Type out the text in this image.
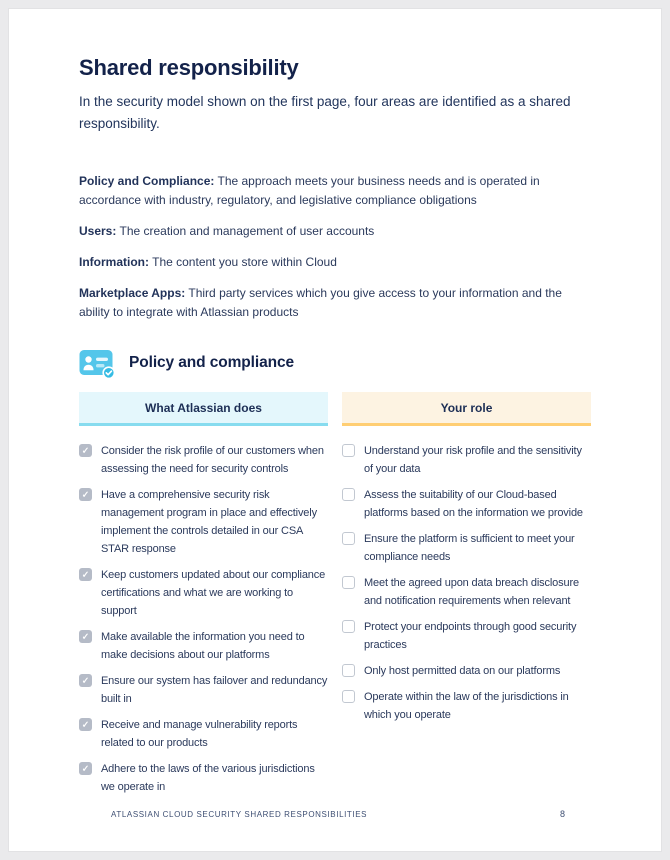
Shared responsibility

In the security model shown on the first page, four areas are identified as a shared responsibility.

Policy and Compliance: The approach meets your business needs and is operated in accordance with industry, regulatory, and legislative compliance obligations

Users: The creation and management of user accounts

Information: The content you store within Cloud

Marketplace Apps: Third party services which you give access to your information and the ability to integrate with Atlassian products

Policy and compliance
What Atlassian does
✓
Consider the risk profile of our customers when assessing the need for security controls
✓
Have a comprehensive security risk management program in place and effectively implement the controls detailed in our CSA STAR response
✓
Keep customers updated about our compliance certifications and what we are working to support
✓
Make available the information you need to make decisions about our platforms
✓
Ensure our system has failover and redundancy built in
✓
Receive and manage vulnerability reports related to our products
✓
Adhere to the laws of the various jurisdictions we operate in
Your role
Understand your risk profile and the sensitivity of your data
Assess the suitability of our Cloud-based platforms based on the information we provide
Ensure the platform is sufficient to meet your compliance needs
Meet the agreed upon data breach disclosure and notification requirements when relevant
Protect your endpoints through good security practices
Only host permitted data on our platforms
Operate within the law of the jurisdictions in which you operate
ATLASSIAN CLOUD SECURITY SHARED RESPONSIBILITIES	8
